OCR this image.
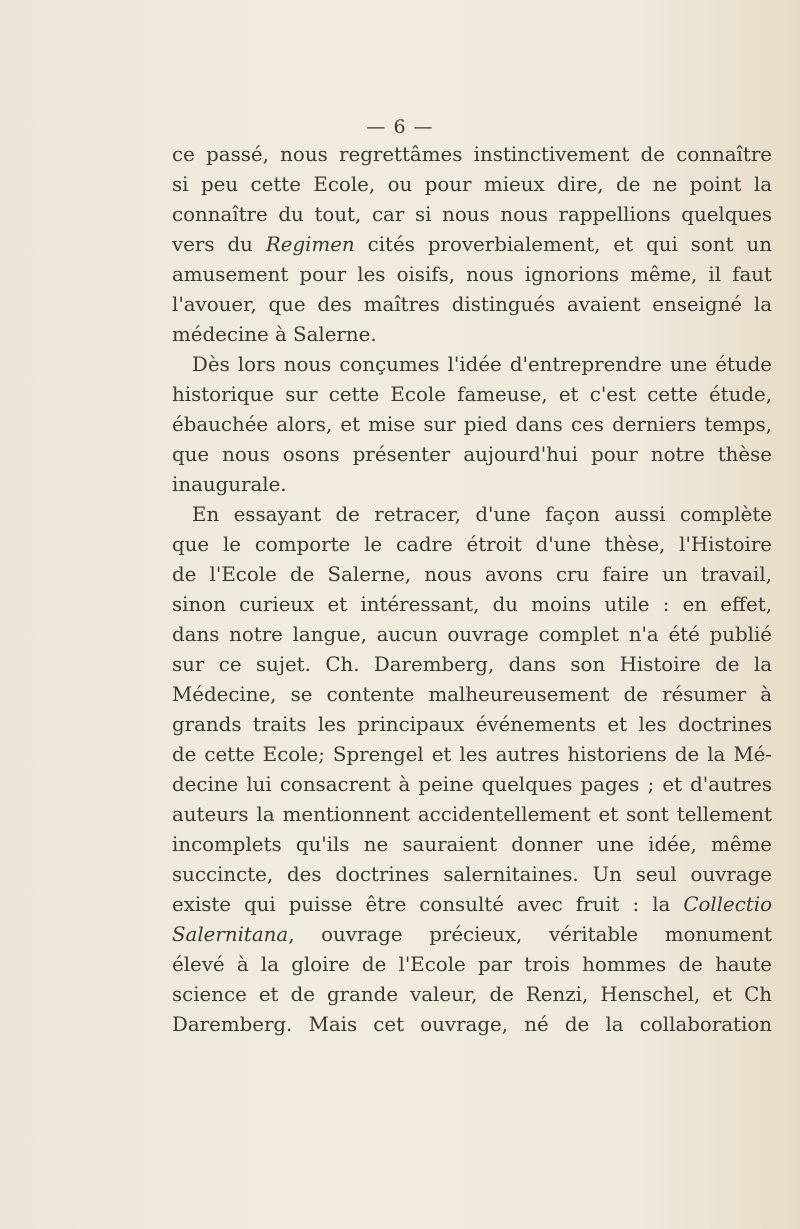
— 6 —
ce passé, nous regrettâmes instinctivement de connaître
si peu cette Ecole, ou pour mieux dire, de ne point la
connaître du tout, car si nous nous rappellions quelques
vers du Regimen cités proverbialement, et qui sont un
amusement pour les oisifs, nous ignorions même, il faut
l'avouer, que des maîtres distingués avaient enseigné la
médecine à Salerne.
Dès lors nous conçumes l'idée d'entreprendre une étude
historique sur cette Ecole fameuse, et c'est cette étude,
ébauchée alors, et mise sur pied dans ces derniers temps,
que nous osons présenter aujourd'hui pour notre thèse
inaugurale.
En essayant de retracer, d'une façon aussi complète
que le comporte le cadre étroit d'une thèse, l'Histoire
de l'Ecole de Salerne, nous avons cru faire un travail,
sinon curieux et intéressant, du moins utile : en effet,
dans notre langue, aucun ouvrage complet n'a été publié
sur ce sujet. Ch. Daremberg, dans son Histoire de la
Médecine, se contente malheureusement de résumer à
grands traits les principaux événements et les doctrines
de cette Ecole; Sprengel et les autres historiens de la Mé-
decine lui consacrent à peine quelques pages ; et d'autres
auteurs la mentionnent accidentellement et sont tellement
incomplets qu'ils ne sauraient donner une idée, même
succincte, des doctrines salernitaines. Un seul ouvrage
existe qui puisse être consulté avec fruit : la Collectio
Salernitana, ouvrage précieux, véritable monument
élevé à la gloire de l'Ecole par trois hommes de haute
science et de grande valeur, de Renzi, Henschel, et Ch
Daremberg. Mais cet ouvrage, né de la collaboration
